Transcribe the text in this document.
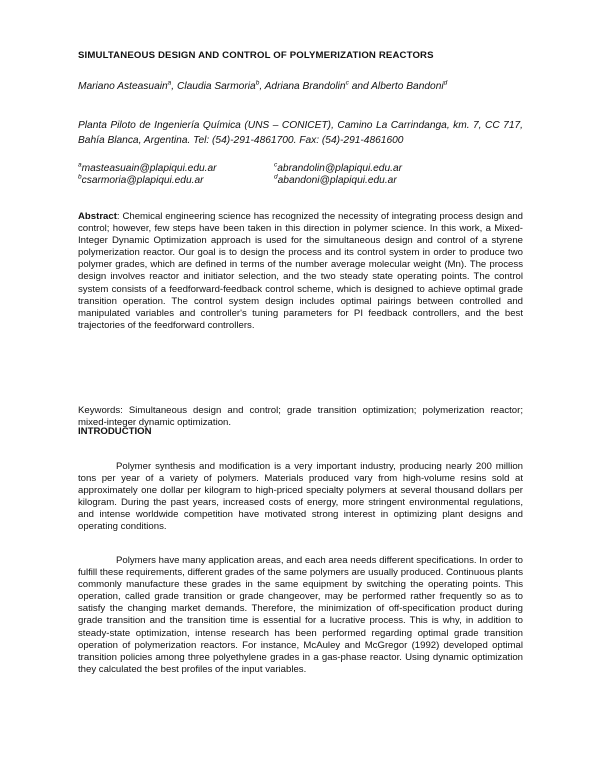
SIMULTANEOUS DESIGN AND CONTROL OF POLYMERIZATION REACTORS
Mariano Asteasuain$^a$, Claudia Sarmoria$^b$, Adriana Brandolin$^c$ and Alberto Bandoni$^d$
Planta Piloto de Ingeniería Química (UNS – CONICET), Camino La Carrindanga, km. 7, CC 717, Bahía Blanca, Argentina. Tel: (54)-291-4861700. Fax: (54)-291-4861600
$^a$masteasuain@plapiqui.edu.ar
$^b$csarmoria@plapiqui.edu.ar
$^c$abrandolin@plapiqui.edu.ar
$^d$abandoni@plapiqui.edu.ar
Abstract: Chemical engineering science has recognized the necessity of integrating process design and control; however, few steps have been taken in this direction in polymer science. In this work, a Mixed-Integer Dynamic Optimization approach is used for the simultaneous design and control of a styrene polymerization reactor. Our goal is to design the process and its control system in order to produce two polymer grades, which are defined in terms of the number average molecular weight (Mn). The process design involves reactor and initiator selection, and the two steady state operating points. The control system consists of a feedforward-feedback control scheme, which is designed to achieve optimal grade transition operation. The control system design includes optimal pairings between controlled and manipulated variables and controller's tuning parameters for PI feedback controllers, and the best trajectories of the feedforward controllers.
Keywords: Simultaneous design and control; grade transition optimization; polymerization reactor; mixed-integer dynamic optimization.
INTRODUCTION
Polymer synthesis and modification is a very important industry, producing nearly 200 million tons per year of a variety of polymers. Materials produced vary from high-volume resins sold at approximately one dollar per kilogram to high-priced specialty polymers at several thousand dollars per kilogram. During the past years, increased costs of energy, more stringent environmental regulations, and intense worldwide competition have motivated strong interest in optimizing plant designs and operating conditions.
Polymers have many application areas, and each area needs different specifications. In order to fulfill these requirements, different grades of the same polymers are usually produced. Continuous plants commonly manufacture these grades in the same equipment by switching the operating points. This operation, called grade transition or grade changeover, may be performed rather frequently so as to satisfy the changing market demands. Therefore, the minimization of off-specification product during grade transition and the transition time is essential for a lucrative process. This is why, in addition to steady-state optimization, intense research has been performed regarding optimal grade transition operation of polymerization reactors. For instance, McAuley and McGregor (1992) developed optimal transition policies among three polyethylene grades in a gas-phase reactor. Using dynamic optimization they calculated the best profiles of the input variables.
